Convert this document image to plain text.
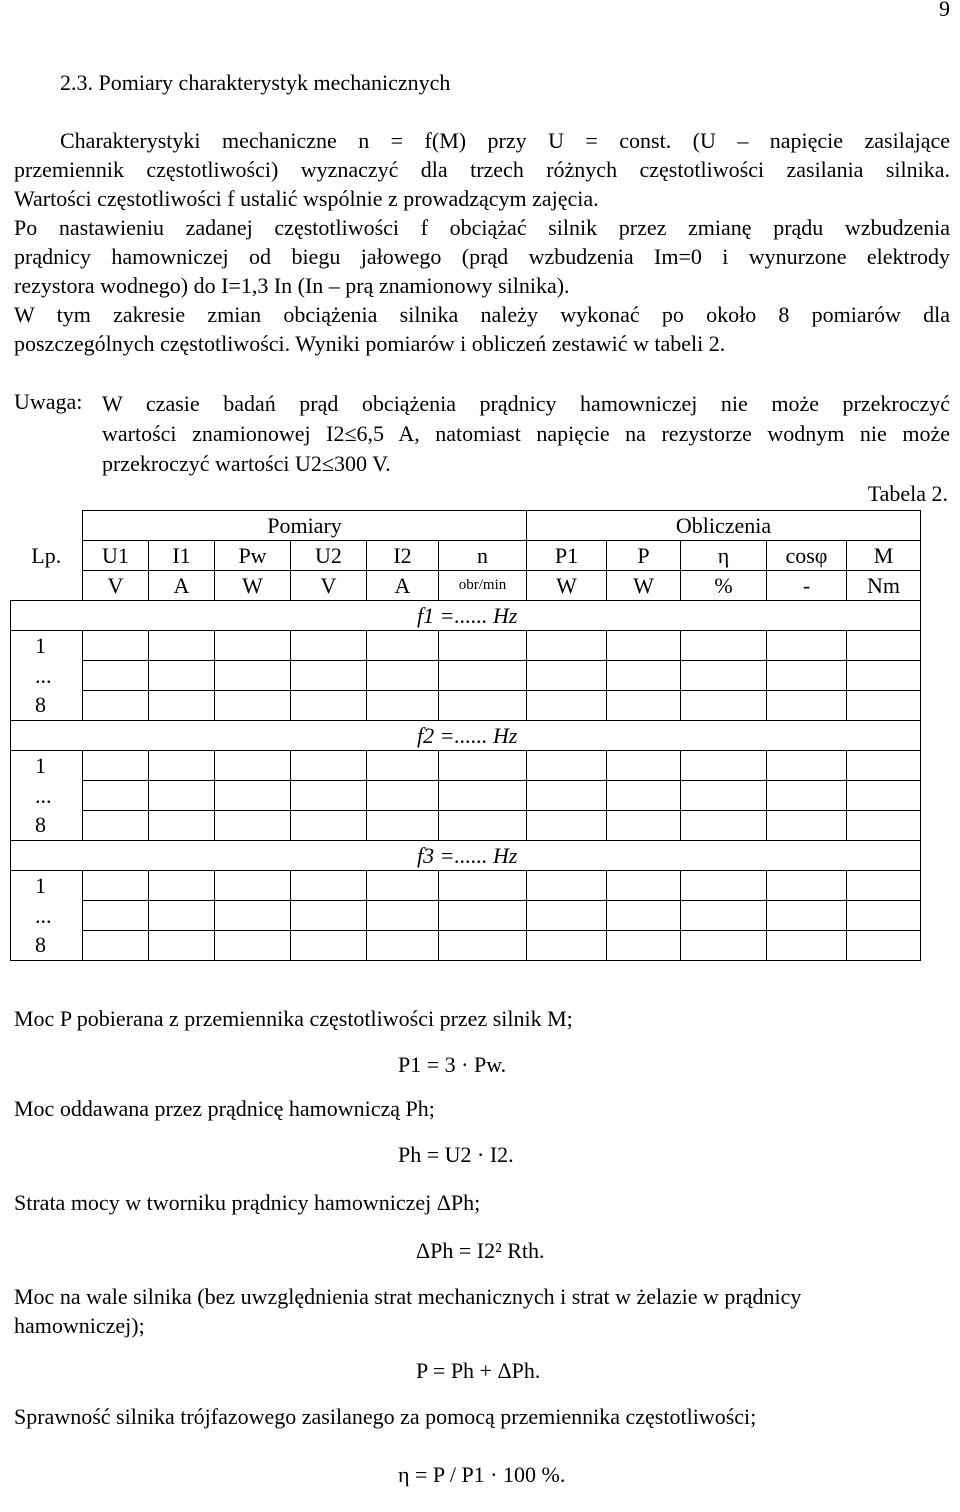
9
2.3. Pomiary charakterystyk mechanicznych
Charakterystyki mechaniczne n = f(M) przy U = const. (U – napięcie zasilające
przemiennik częstotliwości) wyznaczyć dla trzech różnych częstotliwości zasilania silnika.
Wartości częstotliwości f ustalić wspólnie z prowadzącym zajęcia.
Po nastawieniu zadanej częstotliwości f obciążać silnik przez zmianę prądu wzbudzenia
prądnicy hamowniczej od biegu jałowego (prąd wzbudzenia Im=0 i wynurzone elektrody
rezystora wodnego) do I=1,3 In (In – prą znamionowy silnika).
W tym zakresie zmian obciążenia silnika należy wykonać po około 8 pomiarów dla
poszczególnych częstotliwości. Wyniki pomiarów i obliczeń zestawić w tabeli 2.
Uwaga: W czasie badań prąd obciążenia prądnicy hamowniczej nie może przekroczyć
wartości znamionowej I2≤6,5 A, natomiast napięcie na rezystorze wodnym nie może
przekroczyć wartości U2≤300 V.
Tabela 2.
	Pomiary						Obliczenia				
Lp.	U1	I1	Pw	U2	I2	n	P1	P	η	cosφ	M
	V	A	W	V	A	obr/min	W	W	%	-	Nm
f1 =...... Hz											
1											
...											
8											
f2 =...... Hz											
1											
...											
8											
f3 =...... Hz											
1											
...											
8											
Moc P pobierana z przemiennika częstotliwości przez silnik M;
P1 = 3 · Pw.
Moc oddawana przez prądnicę hamowniczą Ph;
Ph = U2 · I2.
Strata mocy w tworniku prądnicy hamowniczej ΔPh;
ΔPh = I2² Rth.
Moc na wale silnika (bez uwzględnienia strat mechanicznych i strat w żelazie w prądnicy
hamowniczej);
P = Ph + ΔPh.
Sprawność silnika trójfazowego zasilanego za pomocą przemiennika częstotliwości;
η = P / P1 · 100 %.
